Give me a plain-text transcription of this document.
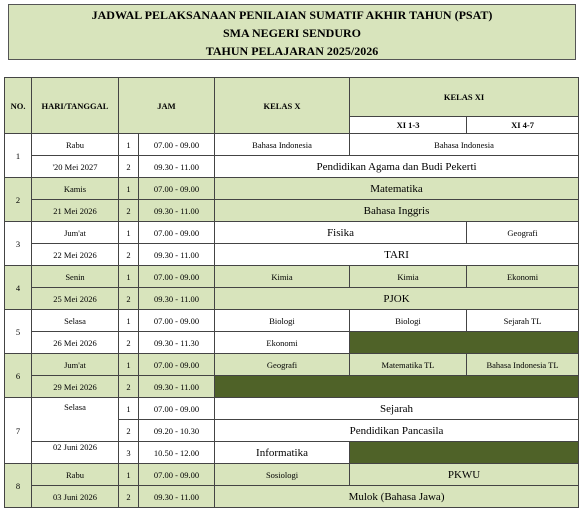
JADWAL PELAKSANAAN PENILAIAN SUMATIF AKHIR TAHUN (PSAT)
SMA NEGERI SENDURO
TAHUN PELAJARAN 2025/2026
NO.	HARI/TANGGAL	JAM		KELAS X	KELAS XI	
					XI 1-3	XI 4-7
1	Rabu	1	07.00 - 09.00	Bahasa Indonesia	Bahasa Indonesia	
	'20 Mei 2027	2	09.30 - 11.00	Pendidikan Agama dan Budi Pekerti		
2	Kamis	1	07.00 - 09.00	Matematika		
	21 Mei 2026	2	09.30 - 11.00	Bahasa Inggris		
3	Jum'at	1	07.00 - 09.00	Fisika		Geografi
	22 Mei 2026	2	09.30 - 11.00	TARI		
4	Senin	1	07.00 - 09.00	Kimia	Kimia	Ekonomi
	25 Mei 2026	2	09.30 - 11.00	PJOK		
5	Selasa	1	07.00 - 09.00	Biologi	Biologi	Sejarah TL
	26 Mei 2026	2	09.30 - 11.30	Ekonomi		
6	Jum'at	1	07.00 - 09.00	Geografi	Matematika TL	Bahasa Indonesia TL
	29 Mei 2026	2	09.30 - 11.00			
7	Selasa	1	07.00 - 09.00	Sejarah		
		2	09.20 - 10.30	Pendidikan Pancasila		
	02 Juni 2026	3	10.50 - 12.00	Informatika		
8	Rabu	1	07.00 - 09.00	Sosiologi	PKWU	
	03 Juni 2026	2	09.30 - 11.00	Mulok (Bahasa Jawa)		
